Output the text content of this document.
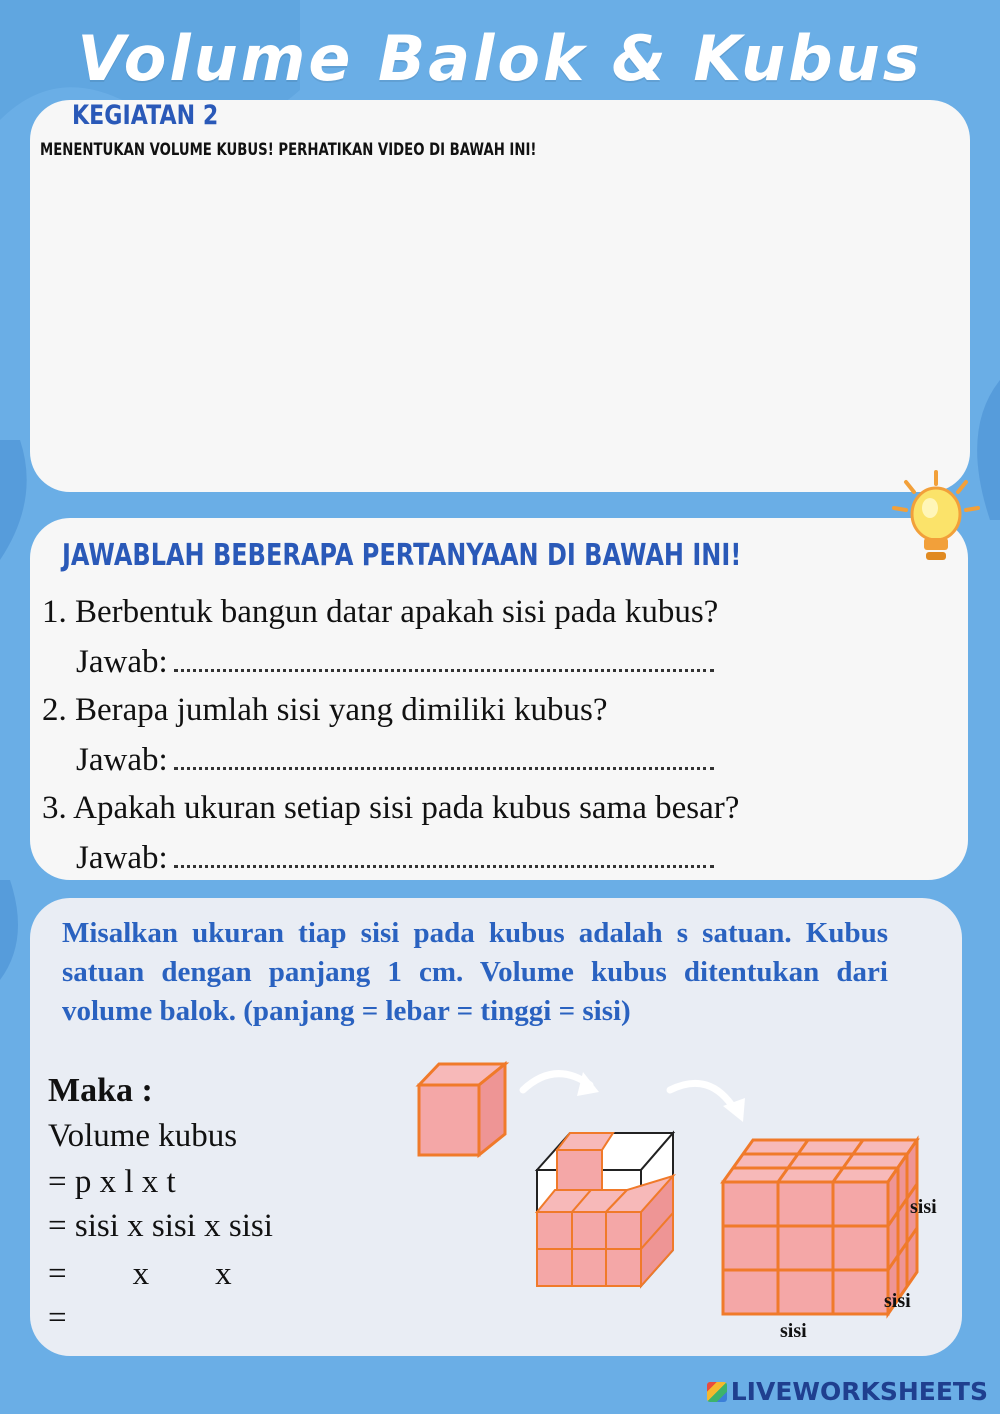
Volume Balok & Kubus
KEGIATAN 2
MENENTUKAN VOLUME KUBUS! PERHATIKAN VIDEO DI BAWAH INI!
JAWABLAH BEBERAPA PERTANYAAN DI BAWAH INI!
1. Berbentuk bangun datar apakah sisi pada kubus?
Jawab:
2. Berapa jumlah sisi yang dimiliki kubus?
Jawab:
3. Apakah ukuran setiap sisi pada kubus sama besar?
Jawab:
Misalkan ukuran tiap sisi pada kubus adalah s satuan. Kubus satuan dengan panjang 1 cm. Volume kubus ditentukan dari volume balok. (panjang = lebar = tinggi = sisi)
Maka :
Volume kubus
= p x l x t
= sisi x sisi x sisi
=        x        x
=
sisi
sisi
sisi
LIVEWORKSHEETS
